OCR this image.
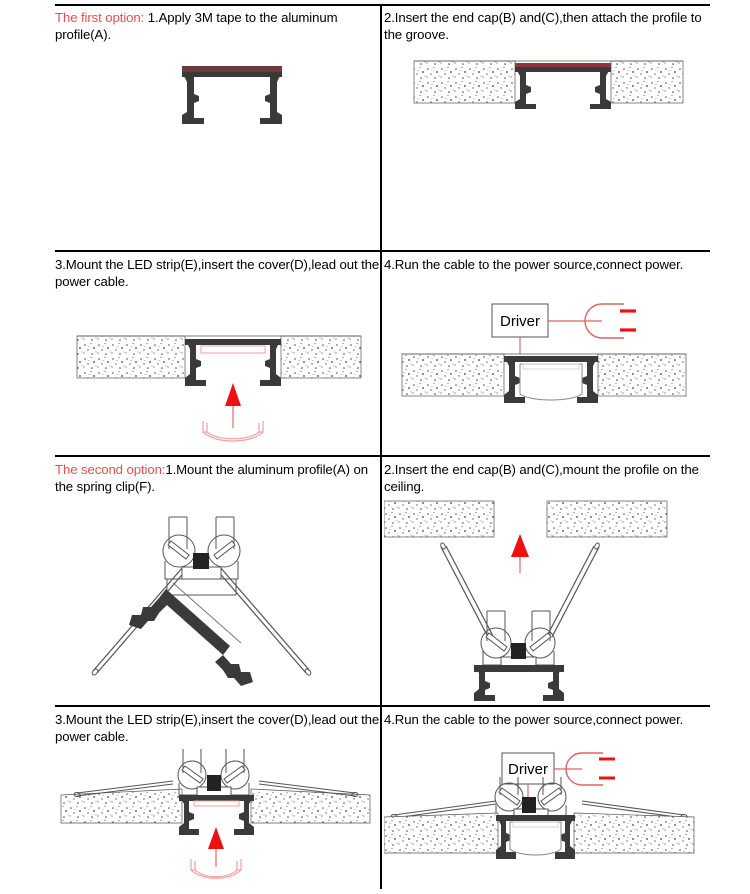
The first option: 1.Apply 3M tape to the aluminum profile(A).
2.Insert the end cap(B) and(C),then attach the profile to the groove.
3.Mount the LED strip(E),insert the cover(D),lead out the power cable.
4.Run the cable to the power source,connect power.
Driver
The second option:1.Mount the aluminum profile(A) on the spring clip(F).
2.Insert the end cap(B) and(C),mount the profile on the ceiling.
3.Mount the LED strip(E),insert the cover(D),lead out the power cable.
4.Run the cable to the power source,connect power.
Driver
